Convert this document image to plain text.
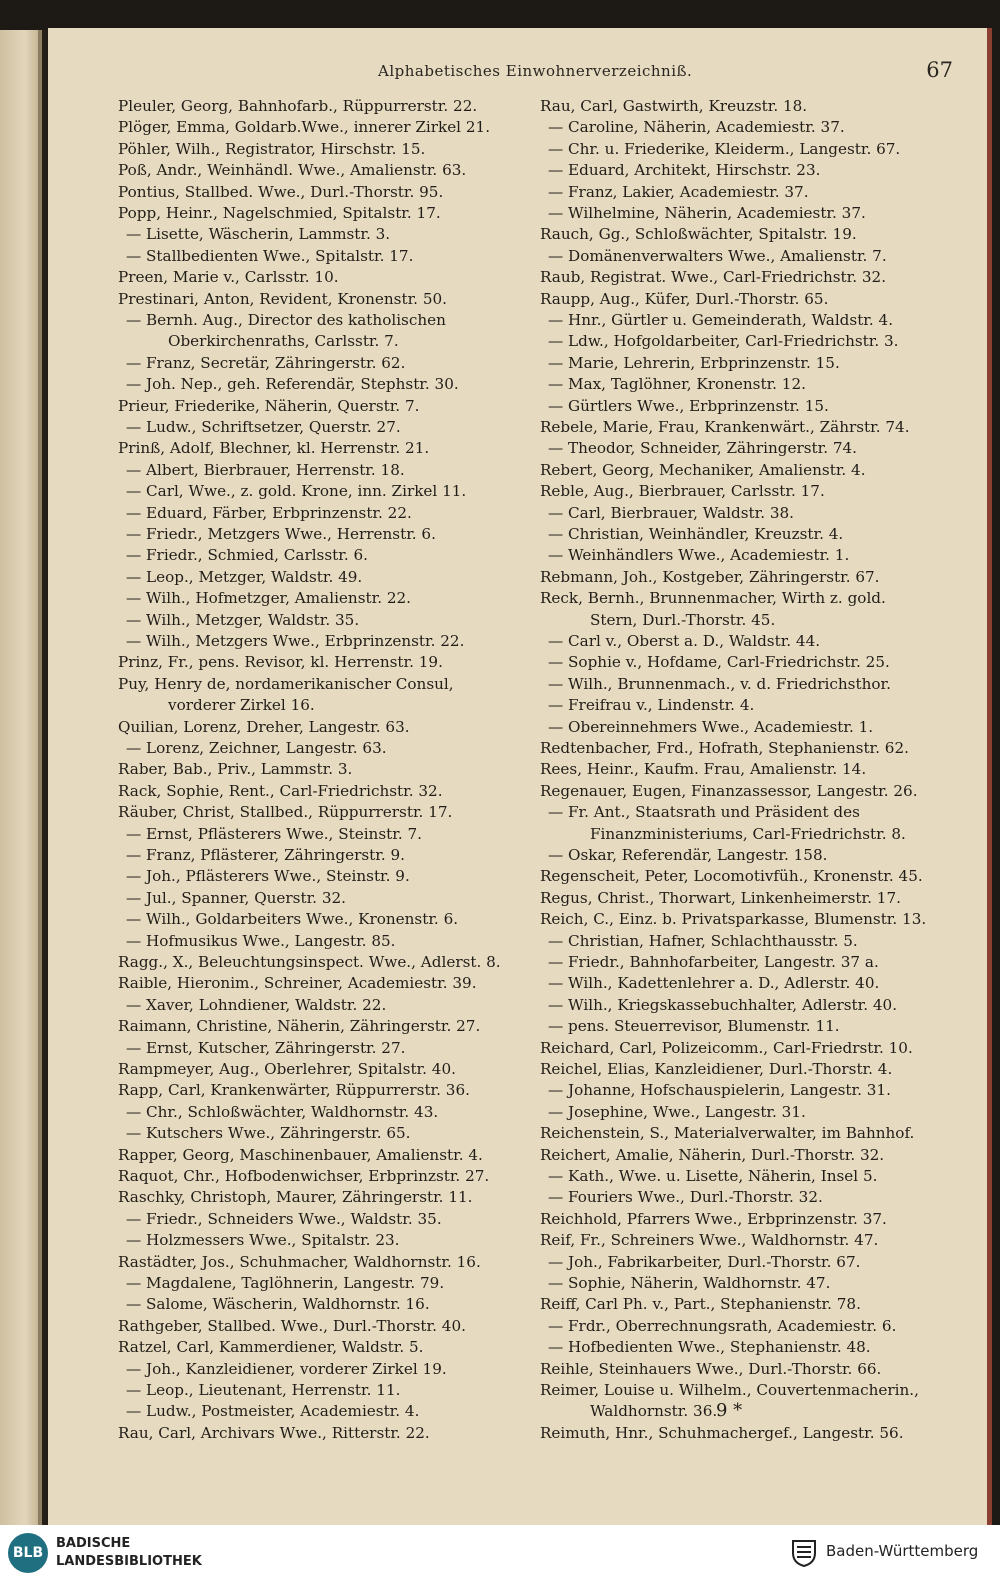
Alphabetisches Einwohnerverzeichniß.	67
Pleuler, Georg, Bahnhofarb., Rüppurrerstr. 22.
Plöger, Emma, Goldarb.Wwe., innerer Zirkel 21.
Pöhler, Wilh., Registrator, Hirschstr. 15.
Poß, Andr., Weinhändl. Wwe., Amalienstr. 63.
Pontius, Stallbed. Wwe., Durl.-Thorstr. 95.
Popp, Heinr., Nagelschmied, Spitalstr. 17.
— Lisette, Wäscherin, Lammstr. 3.
— Stallbedienten Wwe., Spitalstr. 17.
Preen, Marie v., Carlsstr. 10.
Prestinari, Anton, Revident, Kronenstr. 50.
— Bernh. Aug., Director des katholischen
Oberkirchenraths, Carlsstr. 7.
— Franz, Secretär, Zähringerstr. 62.
— Joh. Nep., geh. Referendär, Stephstr. 30.
Prieur, Friederike, Näherin, Querstr. 7.
— Ludw., Schriftsetzer, Querstr. 27.
Prinß, Adolf, Blechner, kl. Herrenstr. 21.
— Albert, Bierbrauer, Herrenstr. 18.
— Carl, Wwe., z. gold. Krone, inn. Zirkel 11.
— Eduard, Färber, Erbprinzenstr. 22.
— Friedr., Metzgers Wwe., Herrenstr. 6.
— Friedr., Schmied, Carlsstr. 6.
— Leop., Metzger, Waldstr. 49.
— Wilh., Hofmetzger, Amalienstr. 22.
— Wilh., Metzger, Waldstr. 35.
— Wilh., Metzgers Wwe., Erbprinzenstr. 22.
Prinz, Fr., pens. Revisor, kl. Herrenstr. 19.
Puy, Henry de, nordamerikanischer Consul,
vorderer Zirkel 16.
Quilian, Lorenz, Dreher, Langestr. 63.
— Lorenz, Zeichner, Langestr. 63.
Raber, Bab., Priv., Lammstr. 3.
Rack, Sophie, Rent., Carl-Friedrichstr. 32.
Räuber, Christ, Stallbed., Rüppurrerstr. 17.
— Ernst, Pflästerers Wwe., Steinstr. 7.
— Franz, Pflästerer, Zähringerstr. 9.
— Joh., Pflästerers Wwe., Steinstr. 9.
— Jul., Spanner, Querstr. 32.
— Wilh., Goldarbeiters Wwe., Kronenstr. 6.
— Hofmusikus Wwe., Langestr. 85.
Ragg., X., Beleuchtungsinspect. Wwe., Adlerst. 8.
Raible, Hieronim., Schreiner, Academiestr. 39.
— Xaver, Lohndiener, Waldstr. 22.
Raimann, Christine, Näherin, Zähringerstr. 27.
— Ernst, Kutscher, Zähringerstr. 27.
Rampmeyer, Aug., Oberlehrer, Spitalstr. 40.
Rapp, Carl, Krankenwärter, Rüppurrerstr. 36.
— Chr., Schloßwächter, Waldhornstr. 43.
— Kutschers Wwe., Zähringerstr. 65.
Rapper, Georg, Maschinenbauer, Amalienstr. 4.
Raquot, Chr., Hofbodenwichser, Erbprinzstr. 27.
Raschky, Christoph, Maurer, Zähringerstr. 11.
— Friedr., Schneiders Wwe., Waldstr. 35.
— Holzmessers Wwe., Spitalstr. 23.
Rastädter, Jos., Schuhmacher, Waldhornstr. 16.
— Magdalene, Taglöhnerin, Langestr. 79.
— Salome, Wäscherin, Waldhornstr. 16.
Rathgeber, Stallbed. Wwe., Durl.-Thorstr. 40.
Ratzel, Carl, Kammerdiener, Waldstr. 5.
— Joh., Kanzleidiener, vorderer Zirkel 19.
— Leop., Lieutenant, Herrenstr. 11.
— Ludw., Postmeister, Academiestr. 4.
Rau, Carl, Archivars Wwe., Ritterstr. 22.
Rau, Carl, Gastwirth, Kreuzstr. 18.
— Caroline, Näherin, Academiestr. 37.
— Chr. u. Friederike, Kleiderm., Langestr. 67.
— Eduard, Architekt, Hirschstr. 23.
— Franz, Lakier, Academiestr. 37.
— Wilhelmine, Näherin, Academiestr. 37.
Rauch, Gg., Schloßwächter, Spitalstr. 19.
— Domänenverwalters Wwe., Amalienstr. 7.
Raub, Registrat. Wwe., Carl-Friedrichstr. 32.
Raupp, Aug., Küfer, Durl.-Thorstr. 65.
— Hnr., Gürtler u. Gemeinderath, Waldstr. 4.
— Ldw., Hofgoldarbeiter, Carl-Friedrichstr. 3.
— Marie, Lehrerin, Erbprinzenstr. 15.
— Max, Taglöhner, Kronenstr. 12.
— Gürtlers Wwe., Erbprinzenstr. 15.
Rebele, Marie, Frau, Krankenwärt., Zährstr. 74.
— Theodor, Schneider, Zähringerstr. 74.
Rebert, Georg, Mechaniker, Amalienstr. 4.
Reble, Aug., Bierbrauer, Carlsstr. 17.
— Carl, Bierbrauer, Waldstr. 38.
— Christian, Weinhändler, Kreuzstr. 4.
— Weinhändlers Wwe., Academiestr. 1.
Rebmann, Joh., Kostgeber, Zähringerstr. 67.
Reck, Bernh., Brunnenmacher, Wirth z. gold.
Stern, Durl.-Thorstr. 45.
— Carl v., Oberst a. D., Waldstr. 44.
— Sophie v., Hofdame, Carl-Friedrichstr. 25.
— Wilh., Brunnenmach., v. d. Friedrichsthor.
— Freifrau v., Lindenstr. 4.
— Obereinnehmers Wwe., Academiestr. 1.
Redtenbacher, Frd., Hofrath, Stephanienstr. 62.
Rees, Heinr., Kaufm. Frau, Amalienstr. 14.
Regenauer, Eugen, Finanzassessor, Langestr. 26.
— Fr. Ant., Staatsrath und Präsident des
Finanzministeriums, Carl-Friedrichstr. 8.
— Oskar, Referendär, Langestr. 158.
Regenscheit, Peter, Locomotivfüh., Kronenstr. 45.
Regus, Christ., Thorwart, Linkenheimerstr. 17.
Reich, C., Einz. b. Privatsparkasse, Blumenstr. 13.
— Christian, Hafner, Schlachthausstr. 5.
— Friedr., Bahnhofarbeiter, Langestr. 37 a.
— Wilh., Kadettenlehrer a. D., Adlerstr. 40.
— Wilh., Kriegskassebuchhalter, Adlerstr. 40.
— pens. Steuerrevisor, Blumenstr. 11.
Reichard, Carl, Polizeicomm., Carl-Friedrstr. 10.
Reichel, Elias, Kanzleidiener, Durl.-Thorstr. 4.
— Johanne, Hofschauspielerin, Langestr. 31.
— Josephine, Wwe., Langestr. 31.
Reichenstein, S., Materialverwalter, im Bahnhof.
Reichert, Amalie, Näherin, Durl.-Thorstr. 32.
— Kath., Wwe. u. Lisette, Näherin, Insel 5.
— Fouriers Wwe., Durl.-Thorstr. 32.
Reichhold, Pfarrers Wwe., Erbprinzenstr. 37.
Reif, Fr., Schreiners Wwe., Waldhornstr. 47.
— Joh., Fabrikarbeiter, Durl.-Thorstr. 67.
— Sophie, Näherin, Waldhornstr. 47.
Reiff, Carl Ph. v., Part., Stephanienstr. 78.
— Frdr., Oberrechnungsrath, Academiestr. 6.
— Hofbedienten Wwe., Stephanienstr. 48.
Reihle, Steinhauers Wwe., Durl.-Thorstr. 66.
Reimer, Louise u. Wilhelm., Couvertenmacherin.,
Waldhornstr. 36.
Reimuth, Hnr., Schuhmachergef., Langestr. 56.
9 *
BLB
BADISCHE
LANDESBIBLIOTHEK
Baden-Württemberg
